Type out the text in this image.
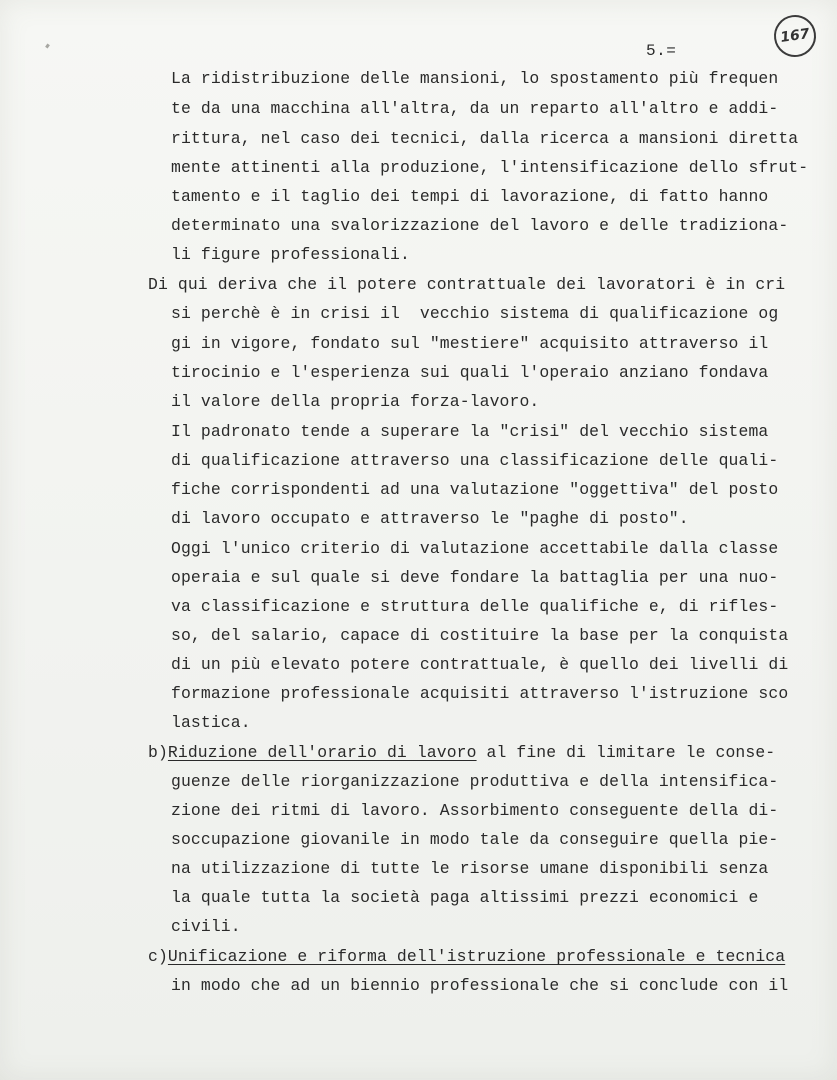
167
5.=
La ridistribuzione delle mansioni, lo spostamento più frequen
te da una macchina all'altra, da un reparto all'altro e addi-
rittura, nel caso dei tecnici, dalla ricerca a mansioni diretta
mente attinenti alla produzione, l'intensificazione dello sfrut-
tamento e il taglio dei tempi di lavorazione, di fatto hanno
determinato una svalorizzazione del lavoro e delle tradiziona-
li figure professionali.
Di qui deriva che il potere contrattuale dei lavoratori è in cri
si perchè è in crisi il  vecchio sistema di qualificazione og
gi in vigore, fondato sul "mestiere" acquisito attraverso il
tirocinio e l'esperienza sui quali l'operaio anziano fondava
il valore della propria forza-lavoro.
Il padronato tende a superare la "crisi" del vecchio sistema
di qualificazione attraverso una classificazione delle quali-
fiche corrispondenti ad una valutazione "oggettiva" del posto
di lavoro occupato e attraverso le "paghe di posto".
Oggi l'unico criterio di valutazione accettabile dalla classe
operaia e sul quale si deve fondare la battaglia per una nuo-
va classificazione e struttura delle qualifiche e, di rifles-
so, del salario, capace di costituire la base per la conquista
di un più elevato potere contrattuale, è quello dei livelli di
formazione professionale acquisiti attraverso l'istruzione sco
lastica.
b)Riduzione dell'orario di lavoro al fine di limitare le conse-
guenze delle riorganizzazione produttiva e della intensifica-
zione dei ritmi di lavoro. Assorbimento conseguente della di-
soccupazione giovanile in modo tale da conseguire quella pie-
na utilizzazione di tutte le risorse umane disponibili senza
la quale tutta la società paga altissimi prezzi economici e
civili.
c)Unificazione e riforma dell'istruzione professionale e tecnica
in modo che ad un biennio professionale che si conclude con il
